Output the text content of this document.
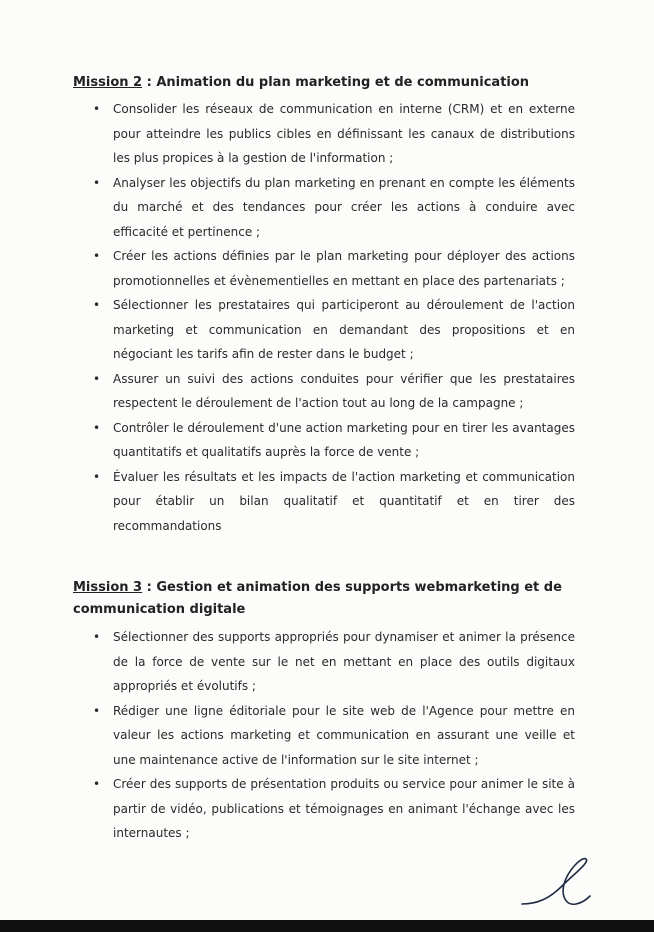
Mission 2 : Animation du plan marketing et de communication
• Consolider les réseaux de communication en interne (CRM) et en externe pour atteindre les publics cibles en définissant les canaux de distributions les plus propices à la gestion de l'information ;
• Analyser les objectifs du plan marketing en prenant en compte les éléments du marché et des tendances pour créer les actions à conduire avec efficacité et pertinence ;
• Créer les actions définies par le plan marketing pour déployer des actions promotionnelles et évènementielles en mettant en place des partenariats ;
• Sélectionner les prestataires qui participeront au déroulement de l'action marketing et communication en demandant des propositions et en négociant les tarifs afin de rester dans le budget ;
• Assurer un suivi des actions conduites pour vérifier que les prestataires respectent le déroulement de l'action tout au long de la campagne ;
• Contrôler le déroulement d'une action marketing pour en tirer les avantages quantitatifs et qualitatifs auprès la force de vente ;
• Évaluer les résultats et les impacts de l'action marketing et communication pour établir un bilan qualitatif et quantitatif et en tirer des recommandations
Mission 3 : Gestion et animation des supports webmarketing et de communication digitale
• Sélectionner des supports appropriés pour dynamiser et animer la présence de la force de vente sur le net en mettant en place des outils digitaux appropriés et évolutifs ;
• Rédiger une ligne éditoriale pour le site web de l'Agence pour mettre en valeur les actions marketing et communication en assurant une veille et une maintenance active de l'information sur le site internet ;
• Créer des supports de présentation produits ou service pour animer le site à partir de vidéo, publications et témoignages en animant l'échange avec les internautes ;
